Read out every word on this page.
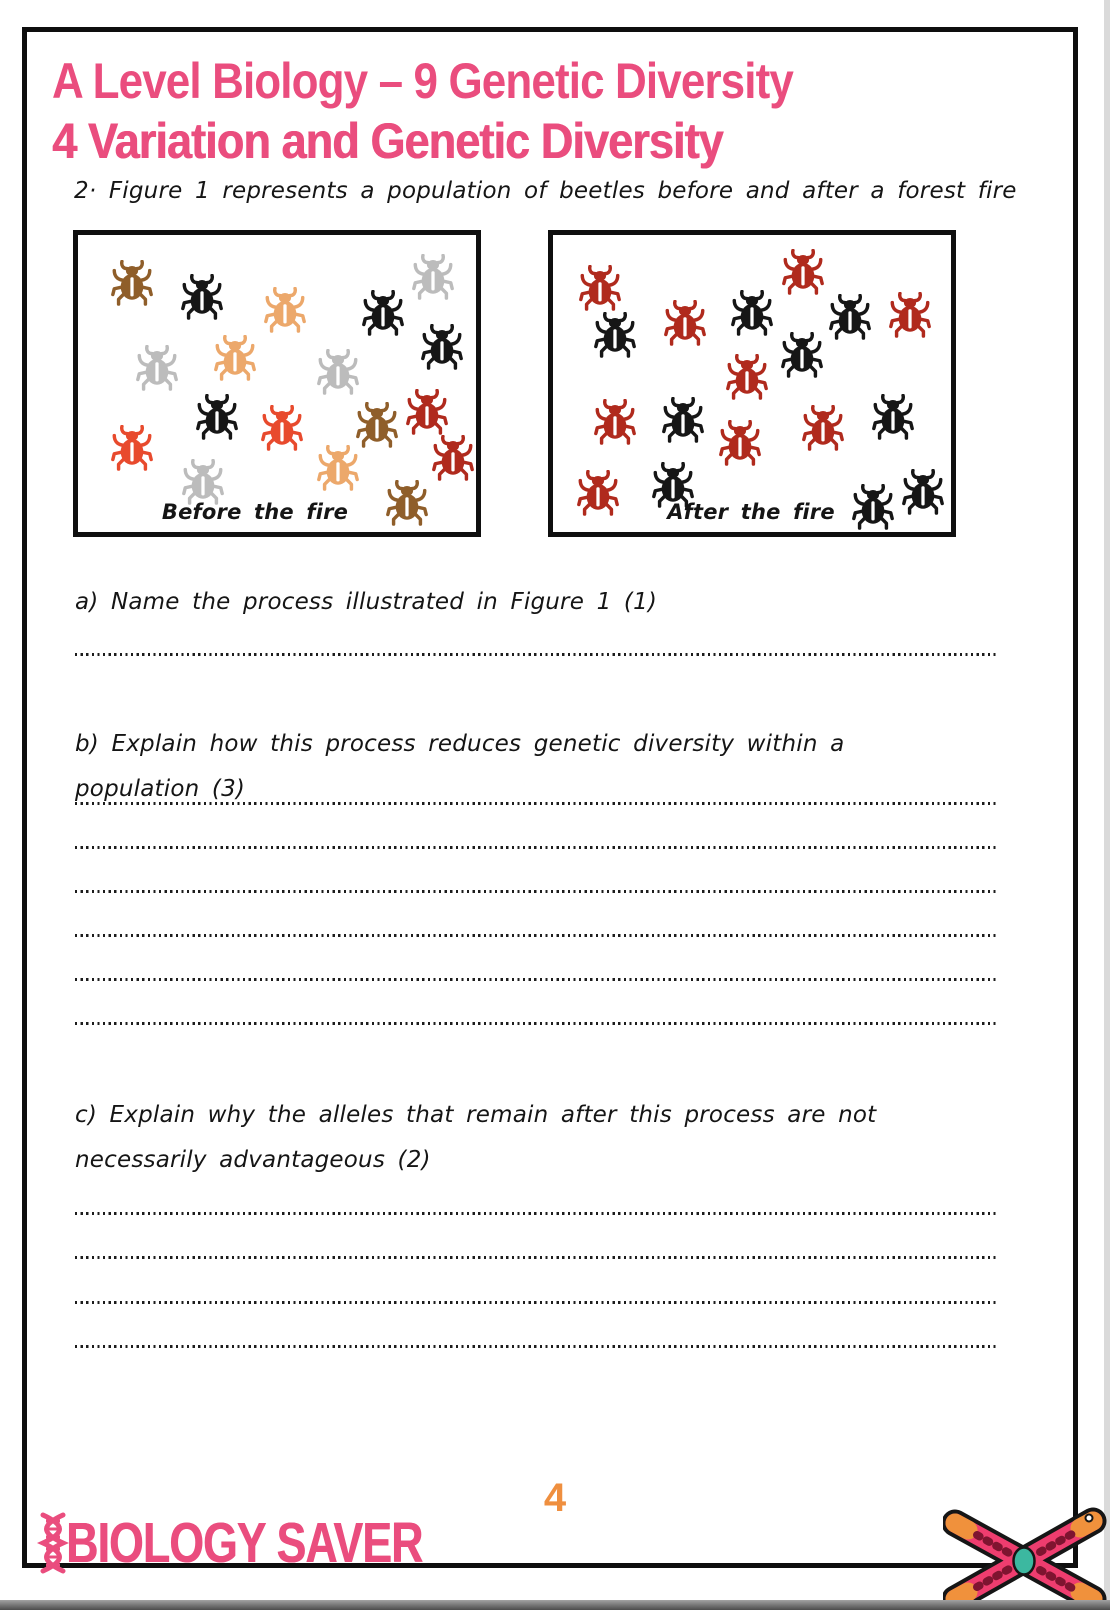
A Level Biology – 9 Genetic Diversity
4 Variation and Genetic Diversity
2· Figure 1 represents a population of beetles before and after a forest fire
Before the fire	After the fire
a) Name the process illustrated in Figure 1 (1)
b) Explain how this process reduces genetic diversity within a population (3)
c) Explain why the alleles that remain after this process are not necessarily advantageous (2)
4
BIOLOGY SAVER
